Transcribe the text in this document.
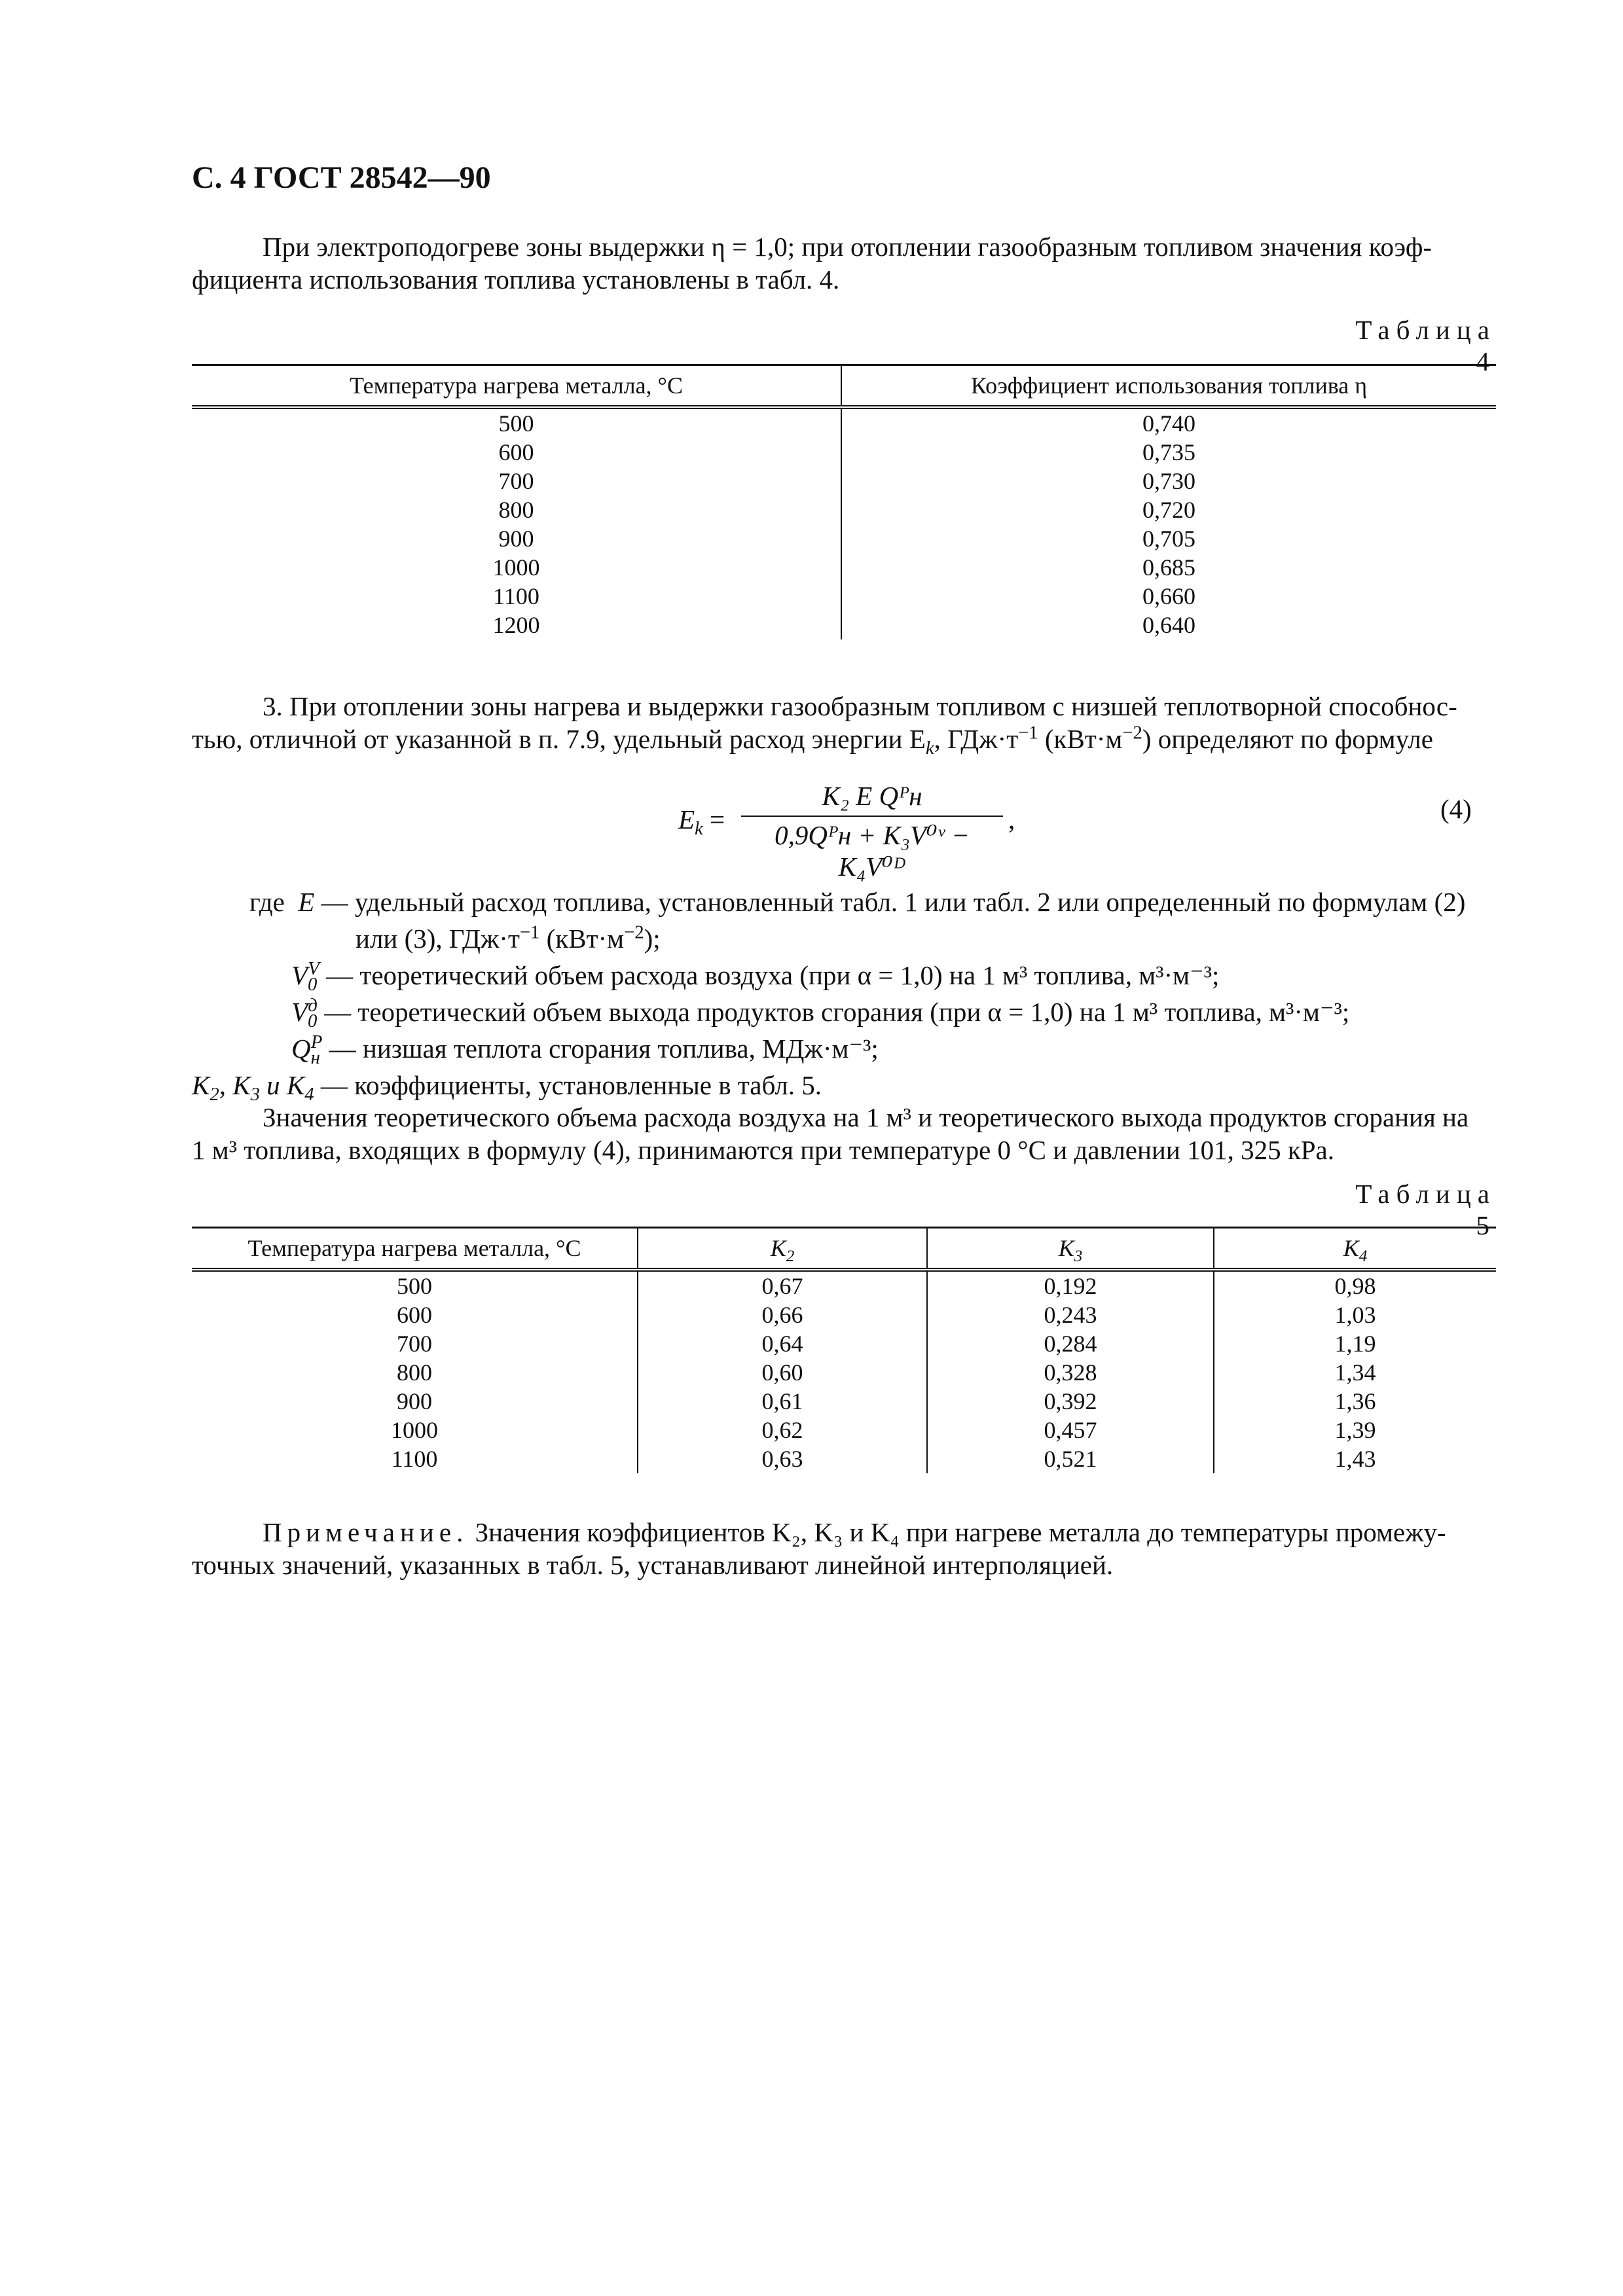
С. 4 ГОСТ 28542—90
При электроподогреве зоны выдержки η = 1,0; при отоплении газообразным топливом значения коэф-
фициента использования топлива установлены в табл. 4.
Таблица 4
Температура нагрева металла, °С	Коэффициент использования топлива η
500	0,740
600	0,735
700	0,730
800	0,720
900	0,705
1000	0,685
1100	0,660
1200	0,640
3. При отоплении зоны нагрева и выдержки газообразным топливом с низшей теплотворной способнос-
тью, отличной от указанной в п. 7.9, удельный расход энергии $E_k$, $ГДж\cdot т^{-1}$ $(кВт\cdot м^{-2})$ определяют по формуле
$E_k$ =
K₂ E Qᴾн
0,9Qᴾн + K₃V⁰ᵛ − K₄V⁰ᴰ
,	(4)
где E — удельный расход топлива, установленный табл. 1 или табл. 2 или определенный по формулам (2)
или (3), $ГДж\cdot т^{-1}$ $(кВт\cdot м^{-2})$;
$V_0^V$ — теоретический объем расхода воздуха (при α = 1,0) на 1 м³ топлива, м³·м⁻³;
$V_0^д$ — теоретический объем выхода продуктов сгорания (при α = 1,0) на 1 м³ топлива, м³·м⁻³;
$Q_н^P$ — низшая теплота сгорания топлива, МДж·м⁻³;
$K_2$, $K_3$ и $K_4$ — коэффициенты, установленные в табл. 5.
Значения теоретического объема расхода воздуха на 1 м³ и теоретического выхода продуктов сгорания на
1 м³ топлива, входящих в формулу (4), принимаются при температуре 0 °С и давлении 101, 325 кРа.
Таблица 5
Температура нагрева металла, °С	$K_2$	$K_3$	$K_4$
500	0,67	0,192	0,98
600	0,66	0,243	1,03
700	0,64	0,284	1,19
800	0,60	0,328	1,34
900	0,61	0,392	1,36
1000	0,62	0,457	1,39
1100	0,63	0,521	1,43
Примечание. Значения коэффициентов K₂, K₃ и K₄ при нагреве металла до температуры промежу-
точных значений, указанных в табл. 5, устанавливают линейной интерполяцией.
